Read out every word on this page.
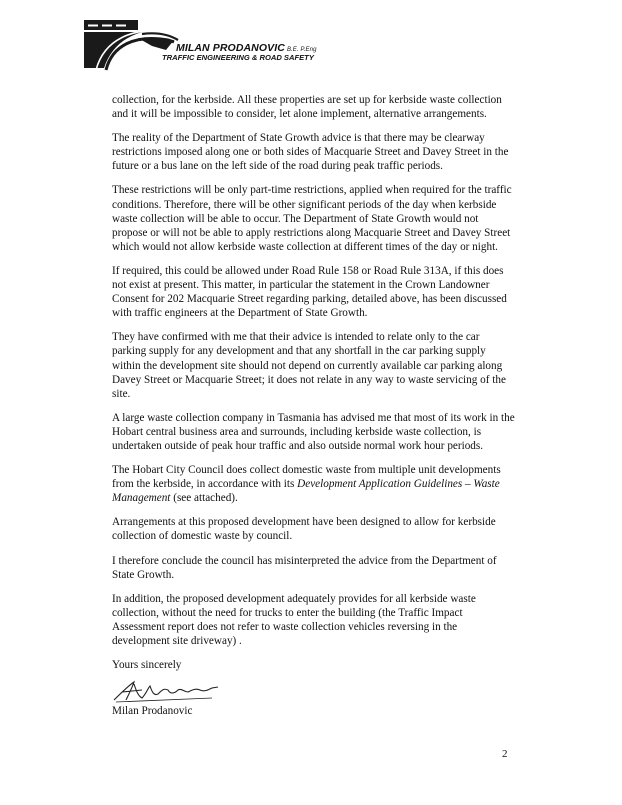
MILAN PRODANOVIC B.E. P.Eng
TRAFFIC ENGINEERING & ROAD SAFETY

collection, for the kerbside. All these properties are set up for kerbside waste collection and it will be impossible to consider, let alone implement, alternative arrangements.

The reality of the Department of State Growth advice is that there may be clearway restrictions imposed along one or both sides of Macquarie Street and Davey Street in the future or a bus lane on the left side of the road during peak traffic periods.

These restrictions will be only part-time restrictions, applied when required for the traffic conditions. Therefore, there will be other significant periods of the day when kerbside waste collection will be able to occur. The Department of State Growth would not propose or will not be able to apply restrictions along Macquarie Street and Davey Street which would not allow kerbside waste collection at different times of the day or night.

If required, this could be allowed under Road Rule 158 or Road Rule 313A, if this does not exist at present. This matter, in particular the statement in the Crown Landowner Consent for 202 Macquarie Street regarding parking, detailed above, has been discussed with traffic engineers at the Department of State Growth.

They have confirmed with me that their advice is intended to relate only to the car parking supply for any development and that any shortfall in the car parking supply within the development site should not depend on currently available car parking along Davey Street or Macquarie Street; it does not relate in any way to waste servicing of the site.

A large waste collection company in Tasmania has advised me that most of its work in the Hobart central business area and surrounds, including kerbside waste collection, is undertaken outside of peak hour traffic and also outside normal work hour periods.

The Hobart City Council does collect domestic waste from multiple unit developments from the kerbside, in accordance with its Development Application Guidelines – Waste Management (see attached).

Arrangements at this proposed development have been designed to allow for kerbside collection of domestic waste by council.

I therefore conclude the council has misinterpreted the advice from the Department of State Growth.

In addition, the proposed development adequately provides for all kerbside waste collection, without the need for trucks to enter the building (the Traffic Impact Assessment report does not refer to waste collection vehicles reversing in the development site driveway) .

Yours sincerely

Milan Prodanovic

2
